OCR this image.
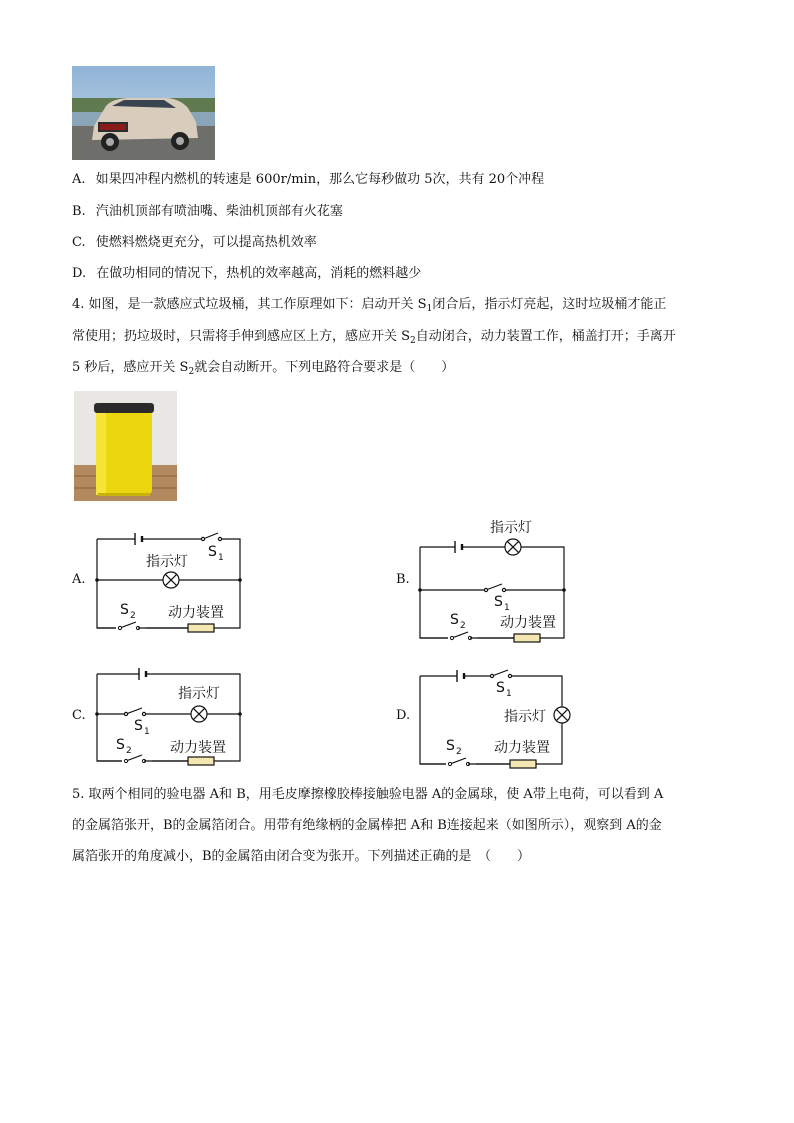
A. 如果四冲程内燃机的转速是 600r/min，那么它每秒做功 5次，共有 20个冲程
B. 汽油机顶部有喷油嘴、柴油机顶部有火花塞
C. 使燃料燃烧更充分，可以提高热机效率
D. 在做功相同的情况下，热机的效率越高，消耗的燃料越少
4. 如图，是一款感应式垃圾桶，其工作原理如下：启动开关 $S_1$闭合后，指示灯亮起，这时垃圾桶才能正
常使用；扔垃圾时，只需将手伸到感应区上方，感应开关 $S_2$自动闭合，动力装置工作，桶盖打开；手离开
5 秒后，感应开关 $S_2$就会自动断开。下列电路符合要求是（　　）
A.
指示灯
S 1
S 2 动力装置
B.
指示灯
S 1
S 2 动力装置
C.
指示灯
S 1
S 2	动力装置
D.	指示灯
S 1
S 2 动力装置
5. 取两个相同的验电器 A和 B，用毛皮摩擦橡胶棒接触验电器 A的金属球，使 A带上电荷，可以看到 A
的金属箔张开，B的金属箔闭合。用带有绝缘柄的金属棒把 A和 B连接起来（如图所示），观察到 A的金
属箔张开的角度减小，B的金属箔由闭合变为张开。下列描述正确的是　（　　）
